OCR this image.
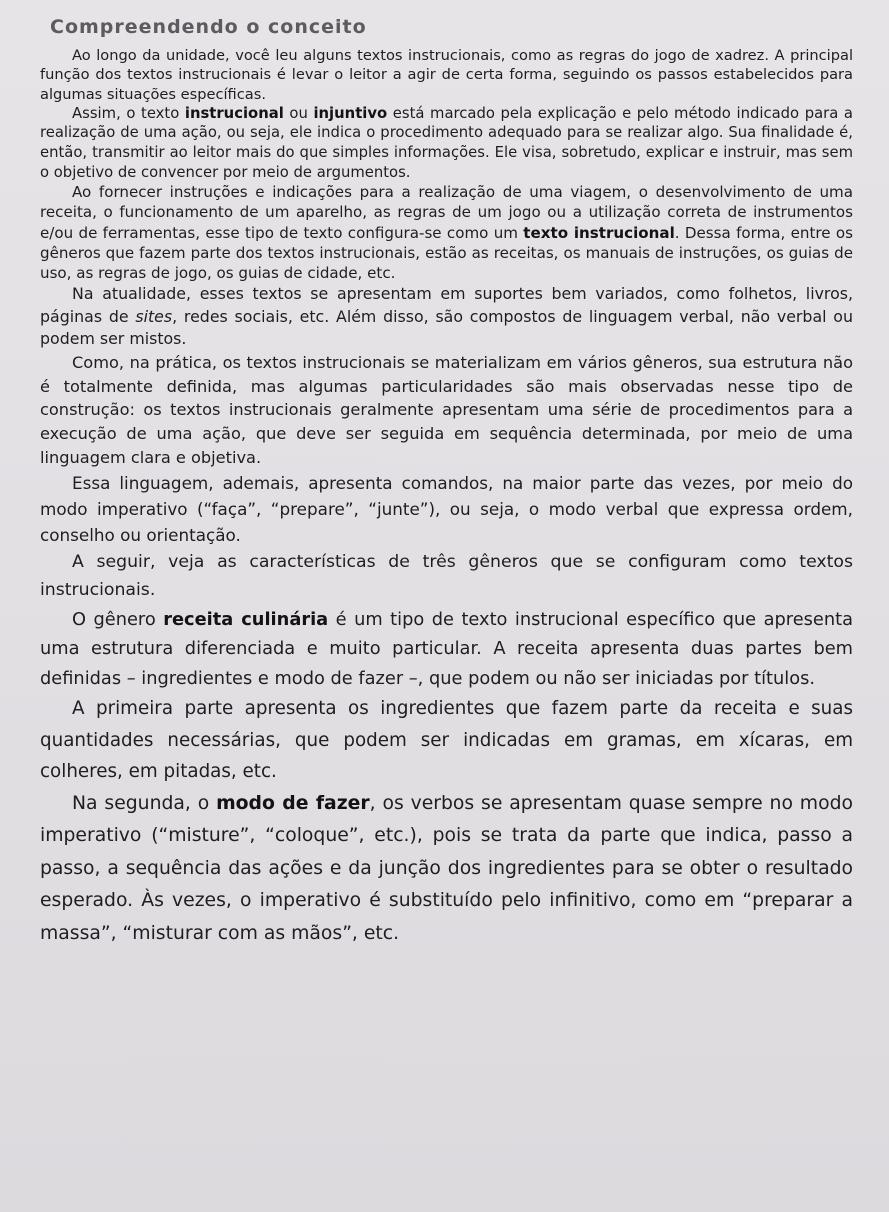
Compreendendo o conceito

Ao longo da unidade, você leu alguns textos instrucionais, como as regras do jogo de xadrez. A principal função dos textos instrucionais é levar o leitor a agir de certa forma, seguindo os passos estabelecidos para algumas situações específicas.

Assim, o texto instrucional ou injuntivo está marcado pela explicação e pelo método indicado para a realização de uma ação, ou seja, ele indica o procedimento adequado para se realizar algo. Sua finalidade é, então, transmitir ao leitor mais do que simples informações. Ele visa, sobretudo, explicar e instruir, mas sem o objetivo de convencer por meio de argumentos.

Ao fornecer instruções e indicações para a realização de uma viagem, o desenvolvimento de uma receita, o funcionamento de um aparelho, as regras de um jogo ou a utilização correta de instrumentos e/ou de ferramentas, esse tipo de texto configura-se como um texto instrucional. Dessa forma, entre os gêneros que fazem parte dos textos instrucionais, estão as receitas, os manuais de instruções, os guias de uso, as regras de jogo, os guias de cidade, etc.

Na atualidade, esses textos se apresentam em suportes bem variados, como folhetos, livros, páginas de sites, redes sociais, etc. Além disso, são compostos de linguagem verbal, não verbal ou podem ser mistos.

Como, na prática, os textos instrucionais se materializam em vários gêneros, sua estrutura não é totalmente definida, mas algumas particularidades são mais observadas nesse tipo de construção: os textos instrucionais geralmente apresentam uma série de procedimentos para a execução de uma ação, que deve ser seguida em sequência determinada, por meio de uma linguagem clara e objetiva.

Essa linguagem, ademais, apresenta comandos, na maior parte das vezes, por meio do modo imperativo (“faça”, “prepare”, “junte”), ou seja, o modo verbal que expressa ordem, conselho ou orientação.

A seguir, veja as características de três gêneros que se configuram como textos instrucionais.

O gênero receita culinária é um tipo de texto instrucional específico que apresenta uma estrutura diferenciada e muito particular. A receita apresenta duas partes bem definidas – ingredientes e modo de fazer –, que podem ou não ser iniciadas por títulos.

A primeira parte apresenta os ingredientes que fazem parte da receita e suas quantidades necessárias, que podem ser indicadas em gramas, em xícaras, em colheres, em pitadas, etc.

Na segunda, o modo de fazer, os verbos se apresentam quase sempre no modo imperativo (“misture”, “coloque”, etc.), pois se trata da parte que indica, passo a passo, a sequência das ações e da junção dos ingredientes para se obter o resultado esperado. Às vezes, o imperativo é substituído pelo infinitivo, como em “preparar a massa”, “misturar com as mãos”, etc.
